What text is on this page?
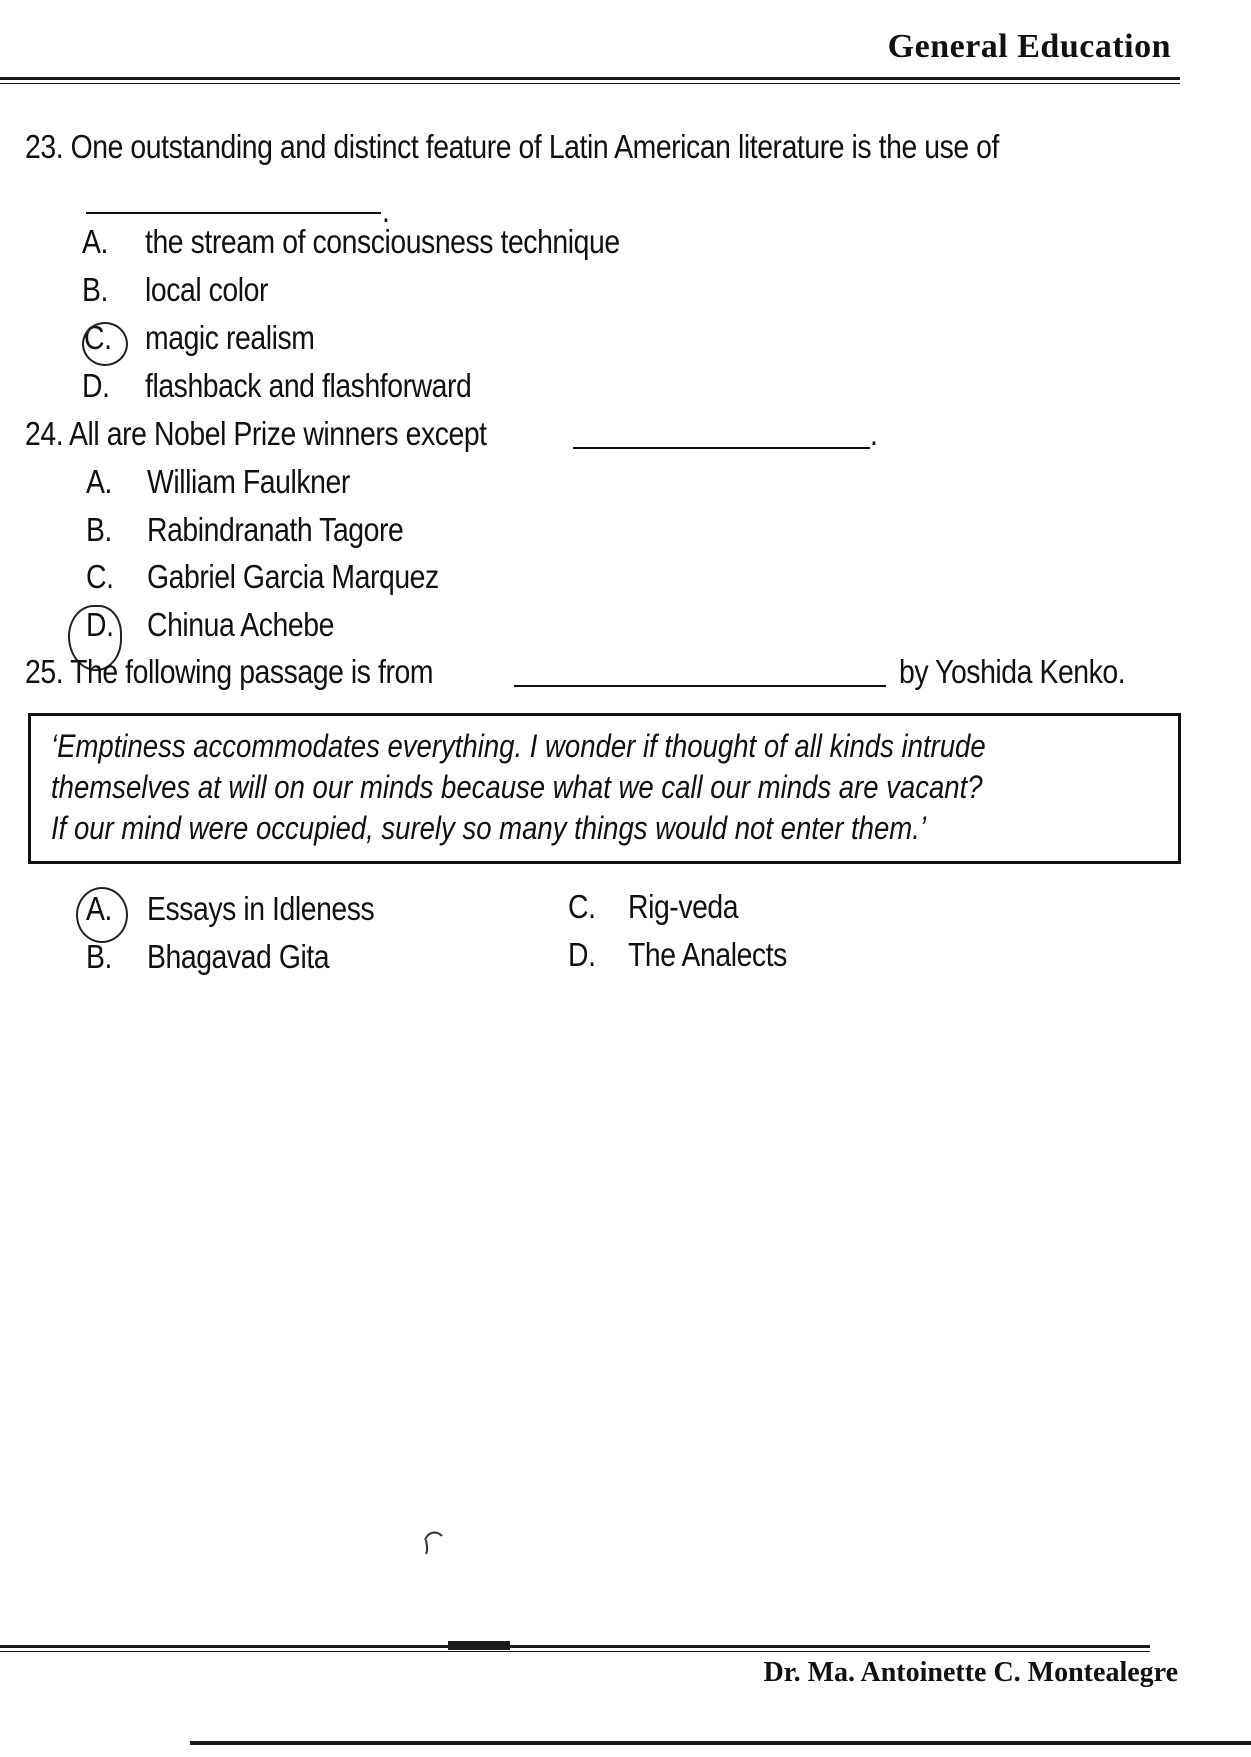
General Education
23. One outstanding and distinct feature of Latin American literature is the use of
.
A. the stream of consciousness technique
B. local color
C. magic realism
D. flashback and flashforward
24. All are Nobel Prize winners except	.
A. William Faulkner
B. Rabindranath Tagore
C. Gabriel Garcia Marquez
D. Chinua Achebe
25. The following passage is from	by Yoshida Kenko.
‘Emptiness accommodates everything. I wonder if thought of all kinds intrude
themselves at will on our minds because what we call our minds are vacant?
If our mind were occupied, surely so many things would not enter them.’
A. Essays in Idleness
B. Bhagavad Gita
C. Rig-veda
D. The Analects
Dr. Ma. Antoinette C. Montealegre
